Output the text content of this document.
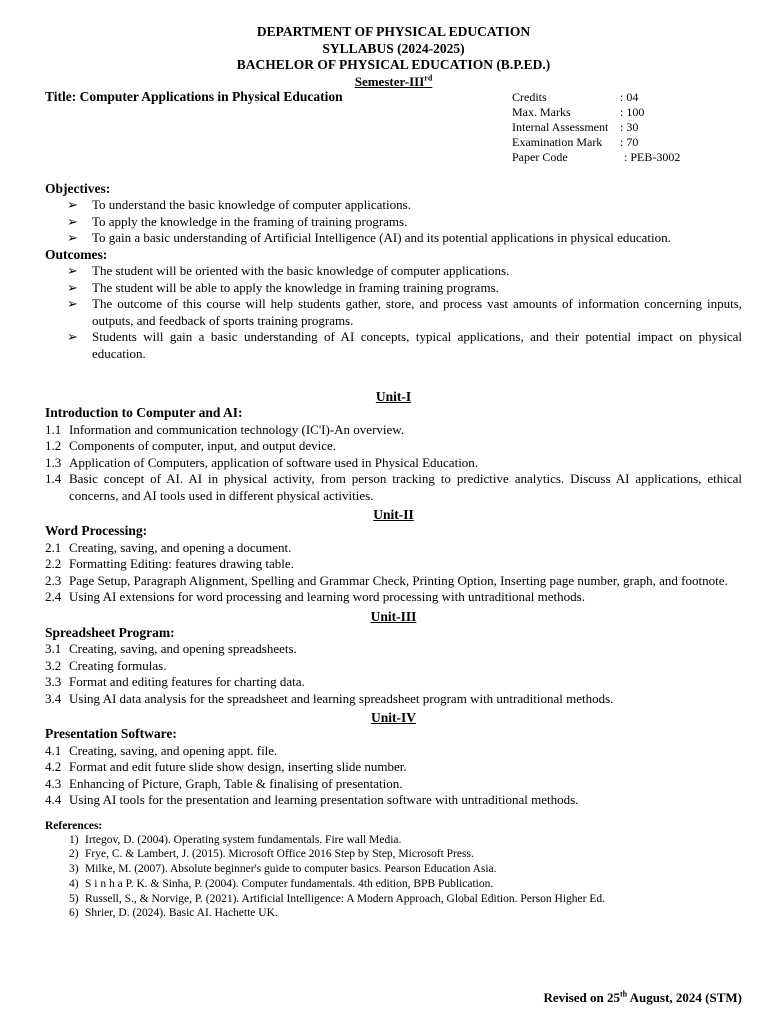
DEPARTMENT OF PHYSICAL EDUCATION
SYLLABUS (2024-2025)
BACHELOR OF PHYSICAL EDUCATION (B.P.ED.)
Semester-IIIrd
Title: Computer Applications in Physical Education
Objectives:
➢ To understand the basic knowledge of computer applications.
➢ To apply the knowledge in the framing of training programs.
➢ To gain a basic understanding of Artificial Intelligence (AI) and its potential applications in physical education.
Outcomes:
➢ The student will be oriented with the basic knowledge of computer applications.
➢ The student will be able to apply the knowledge in framing training programs.
➢ The outcome of this course will help students gather, store, and process vast amounts of information concerning inputs, outputs, and feedback of sports training programs.
➢ Students will gain a basic understanding of AI concepts, typical applications, and their potential impact on physical education.
Unit-I
Introduction to Computer and AI:
1.1 Information and communication technology (IC'I)-An overview.
1.2 Components of computer, input, and output device.
1.3 Application of Computers, application of software used in Physical Education.
1.4 Basic concept of AI. AI in physical activity, from person tracking to predictive analytics. Discuss AI applications, ethical concerns, and AI tools used in different physical activities.
Unit-II
Word Processing:
2.1 Creating, saving, and opening a document.
2.2 Formatting Editing: features drawing table.
2.3 Page Setup, Paragraph Alignment, Spelling and Grammar Check, Printing Option, Inserting page number, graph, and footnote.
2.4 Using AI extensions for word processing and learning word processing with untraditional methods.
Unit-III
Spreadsheet Program:
3.1 Creating, saving, and opening spreadsheets.
3.2 Creating formulas.
3.3 Format and editing features for charting data.
3.4 Using AI data analysis for the spreadsheet and learning spreadsheet program with untraditional methods.
Unit-IV
Presentation Software:
4.1 Creating, saving, and opening appt. file.
4.2 Format and edit future slide show design, inserting slide number.
4.3 Enhancing of Picture, Graph, Table & finalising of presentation.
4.4 Using AI tools for the presentation and learning presentation software with untraditional methods.
References:
1) Irtegov, D. (2004). Operating system fundamentals. Fire wall Media.
2) Frye, C. & Lambert, J. (2015). Microsoft Office 2016 Step by Step, Microsoft Press.
3) Milke, M. (2007). Absolute beginner's guide to computer basics. Pearson Education Asia.
4) S i n h a P. K. & Sinha, P. (2004). Computer fundamentals. 4th edition, BPB Publication.
5) Russell, S., & Norvige, P. (2021). Artificial Intelligence: A Modern Approach, Global Edition. Person Higher Ed.
6) Shrier, D. (2024). Basic AI. Hachette UK.
Credits	: 04
Max. Marks	: 100
Internal Assessment : 30
Examination Mark	: 70
Paper Code	: PEB-3002
Revised on 25th August, 2024 (STM)
